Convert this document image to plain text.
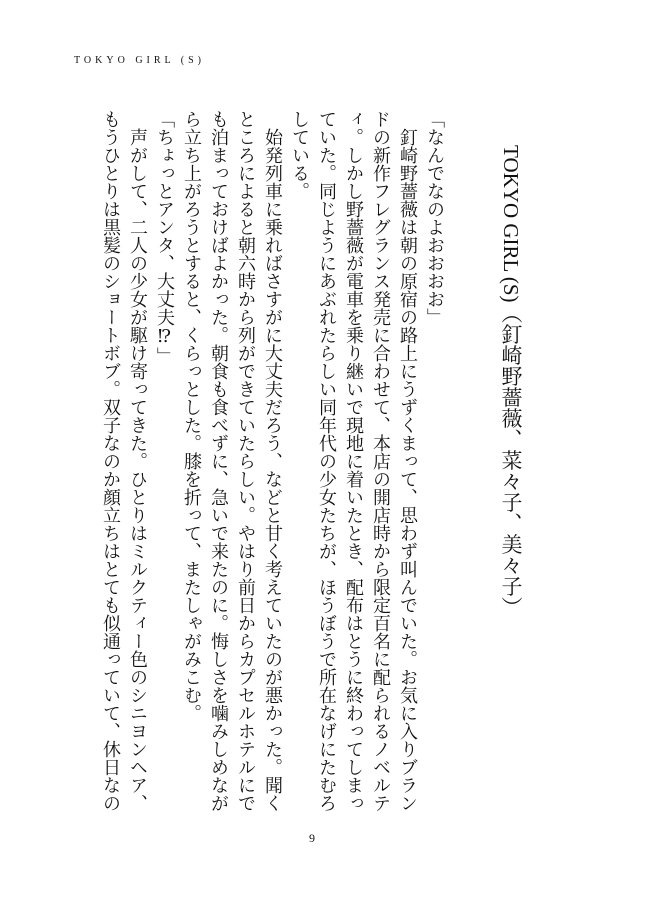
TOKYO GIRL (S)

TOKYO GIRL (S)（釘崎野薔薇、菜々子、美々子）

「なんでなのよおおおお」

釘崎野薔薇は朝の原宿の路上にうずくまって、思わず叫んでいた。お気に入りブランドの新作フレグランス発売に合わせて、本店の開店時から限定百名に配られるノベルティ。しかし野薔薇が電車を乗り継いで現地に着いたとき、配布はとうに終わってしまっていた。同じようにあぶれたらしい同年代の少女たちが、ほうぼうで所在なげにたむろしている。

始発列車に乗ればさすがに大丈夫だろう、などと甘く考えていたのが悪かった。聞くところによると朝六時から列ができていたらしい。やはり前日からカプセルホテルにでも泊まっておけばよかった。朝食も食べずに、急いで来たのに。悔しさを噛みしめながら立ち上がろうとすると、くらっとした。膝を折って、またしゃがみこむ。

「ちょっとアンタ、大丈夫⁉」

声がして、二人の少女が駆け寄ってきた。ひとりはミルクティー色のシニヨンヘア、もうひとりは黒髪のショートボブ。双子なのか顔立ちはとても似通っていて、休日なの

9
